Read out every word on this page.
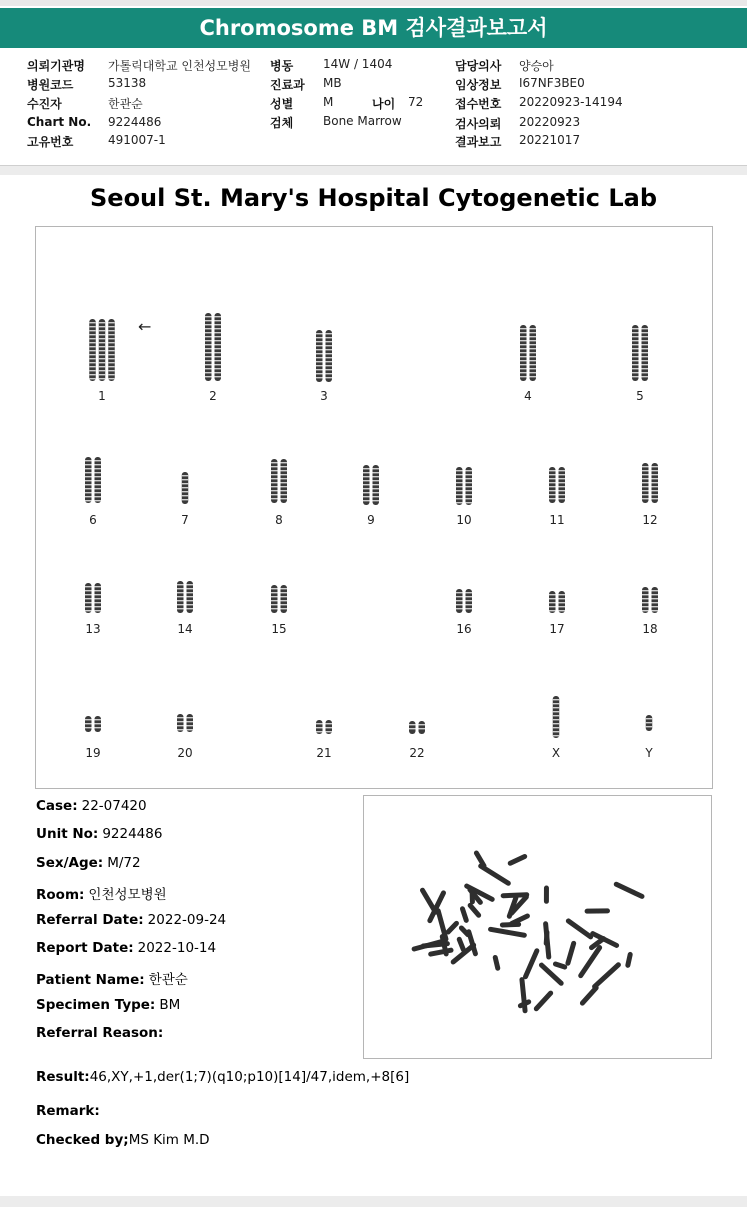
Chromosome BM 검사결과보고서
의뢰기관명 가톨릭대학교 인천성모병원
병원코드	53138
수진자	한관순
Chart No. 9224486
고유번호	491007-1
병동 14W / 1404
진료과 MB
성별 M	나이 72
검체 Bone Marrow
담당의사 양승아
임상정보 I67NF3BE0
접수번호 20220923-14194
검사의뢰 20220923
결과보고 20221017
Seoul St. Mary's Hospital Cytogenetic Lab
←
1	2	3	4	5
6	7	8	9	10	11	12
13	14	15	16	17	18
19	20	21	22	X	Y
Case: 22-07420
Unit No: 9224486
Sex/Age: M/72
Room: 인천성모병원
Referral Date: 2022-09-24
Report Date: 2022-10-14
Patient Name: 한관순
Specimen Type: BM
Referral Reason:
Result:46,XY,+1,der(1;7)(q10;p10)[14]/47,idem,+8[6]
Remark:
Checked by;MS Kim M.D
